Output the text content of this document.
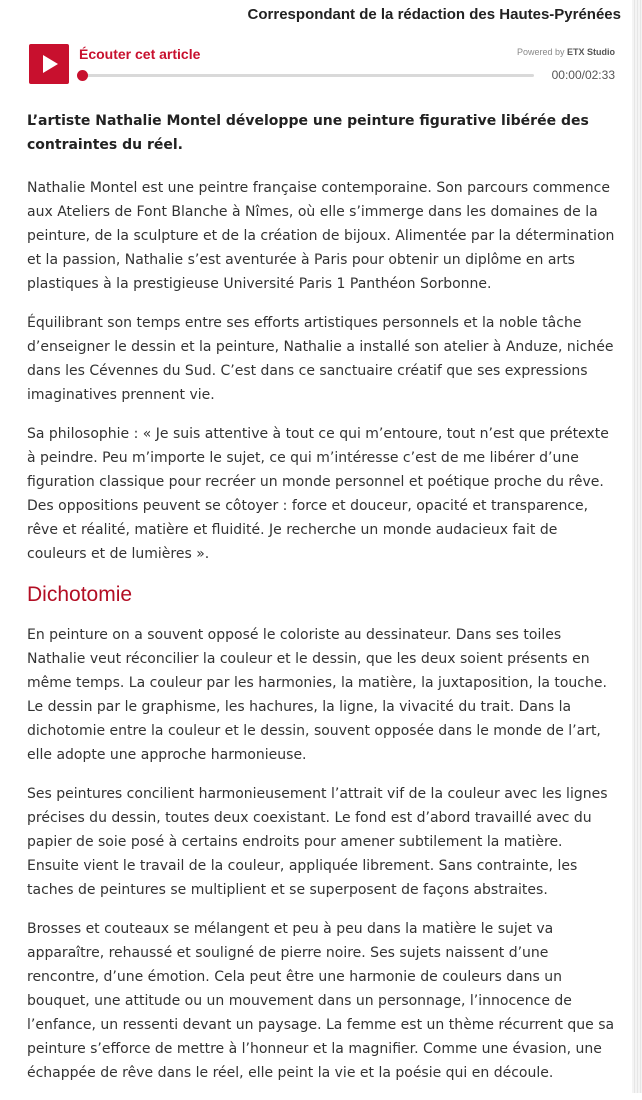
Correspondant de la rédaction des Hautes-Pyrénées
Écouter cet article	Powered by ETX Studio
00:00/02:33

L’artiste Nathalie Montel développe une peinture figurative libérée des contraintes du réel.

Nathalie Montel est une peintre française contemporaine. Son parcours commence aux Ateliers de Font Blanche à Nîmes, où elle s’immerge dans les domaines de la peinture, de la sculpture et de la création de bijoux. Alimentée par la détermination et la passion, Nathalie s’est aventurée à Paris pour obtenir un diplôme en arts plastiques à la prestigieuse Université Paris 1 Panthéon Sorbonne.

Équilibrant son temps entre ses efforts artistiques personnels et la noble tâche d’enseigner le dessin et la peinture, Nathalie a installé son atelier à Anduze, nichée dans les Cévennes du Sud. C’est dans ce sanctuaire créatif que ses expressions imaginatives prennent vie.

Sa philosophie : « Je suis attentive à tout ce qui m’entoure, tout n’est que prétexte à peindre. Peu m’importe le sujet, ce qui m’intéresse c’est de me libérer d’une figuration classique pour recréer un monde personnel et poétique proche du rêve. Des oppositions peuvent se côtoyer : force et douceur, opacité et transparence, rêve et réalité, matière et fluidité. Je recherche un monde audacieux fait de couleurs et de lumières ».

Dichotomie

En peinture on a souvent opposé le coloriste au dessinateur. Dans ses toiles Nathalie veut réconcilier la couleur et le dessin, que les deux soient présents en même temps. La couleur par les harmonies, la matière, la juxtaposition, la touche. Le dessin par le graphisme, les hachures, la ligne, la vivacité du trait. Dans la dichotomie entre la couleur et le dessin, souvent opposée dans le monde de l’art, elle adopte une approche harmonieuse.

Ses peintures concilient harmonieusement l’attrait vif de la couleur avec les lignes précises du dessin, toutes deux coexistant. Le fond est d’abord travaillé avec du papier de soie posé à certains endroits pour amener subtilement la matière. Ensuite vient le travail de la couleur, appliquée librement. Sans contrainte, les taches de peintures se multiplient et se superposent de façons abstraites.

Brosses et couteaux se mélangent et peu à peu dans la matière le sujet va apparaître, rehaussé et souligné de pierre noire. Ses sujets naissent d’une rencontre, d’une émotion. Cela peut être une harmonie de couleurs dans un bouquet, une attitude ou un mouvement dans un personnage, l’innocence de l’enfance, un ressenti devant un paysage. La femme est un thème récurrent que sa peinture s’efforce de mettre à l’honneur et la magnifier. Comme une évasion, une échappée de rêve dans le réel, elle peint la vie et la poésie qui en découle.
